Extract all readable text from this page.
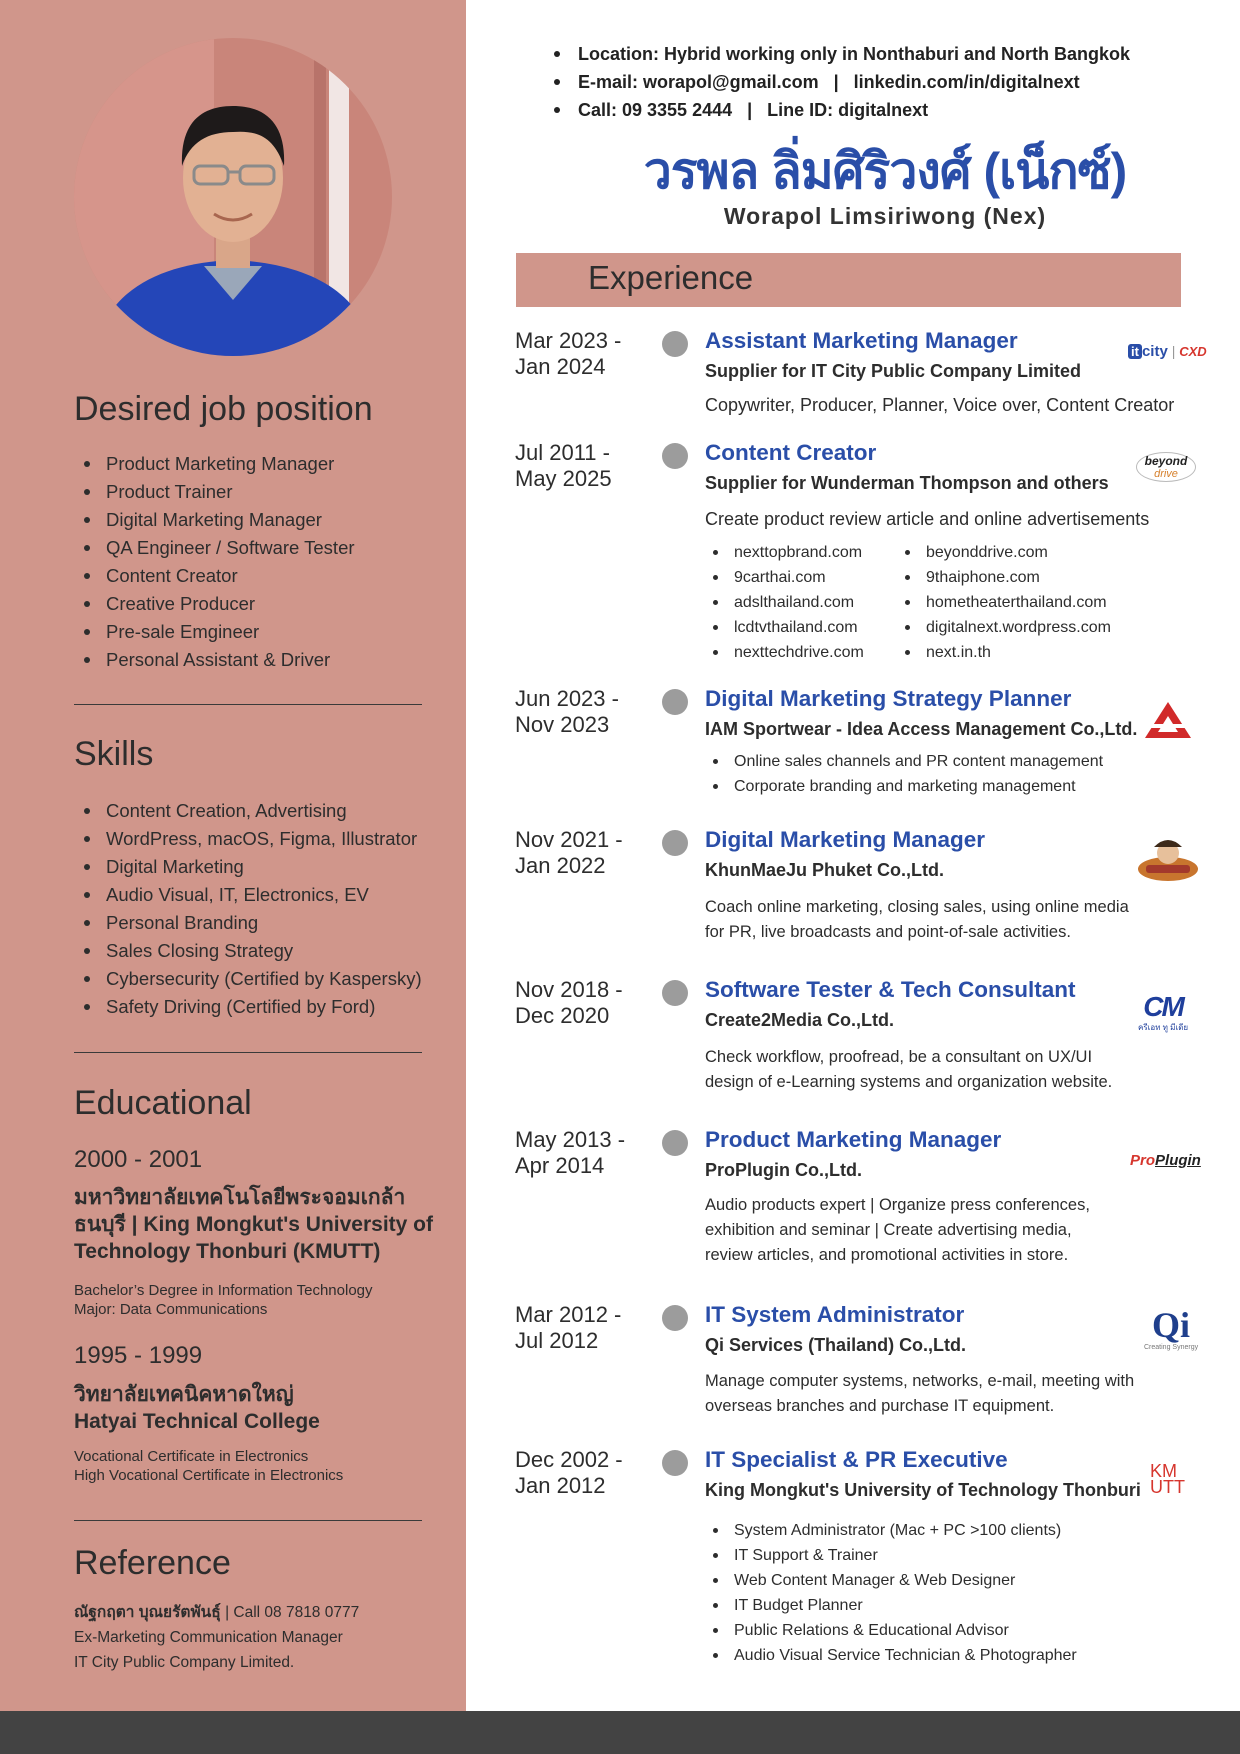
Desired job position
Product Marketing Manager
Product Trainer
Digital Marketing Manager
QA Engineer / Software Tester
Content Creator
Creative Producer
Pre-sale Emgineer
Personal Assistant & Driver
Skills
Content Creation, Advertising
WordPress, macOS, Figma, Illustrator
Digital Marketing
Audio Visual, IT, Electronics, EV
Personal Branding
Sales Closing Strategy
Cybersecurity (Certified by Kaspersky)
Safety Driving (Certified by Ford)
Educational
2000 - 2001
มหาวิทยาลัยเทคโนโลยีพระจอมเกล้าธนบุรี | King Mongkut's University of Technology Thonburi (KMUTT)
Bachelor’s Degree in Information Technology
Major: Data Communications
1995 - 1999
วิทยาลัยเทคนิคหาดใหญ่
Hatyai Technical College
Vocational Certificate in Electronics
High Vocational Certificate in Electronics
Reference
ณัฐกฤตา บุณยรัตพันธุ์ | Call 08 7818 0777
Ex-Marketing Communication Manager
IT City Public Company Limited.
Location: Hybrid working only in Nonthaburi and North Bangkok
E-mail: worapol@gmail.com   |   linkedin.com/in/digitalnext
Call: 09 3355 2444   |   Line ID: digitalnext
วรพล ลิ่มศิริวงศ์ (เน็กซ์)
Worapol Limsiriwong (Nex)
Experience
Mar 2023 -
Jan 2024
Assistant Marketing Manager
Supplier for IT City Public Company Limited
Copywriter, Producer, Planner, Voice over, Content Creator
it city | CXD
Jul 2011 -
May 2025
Content Creator
Supplier for Wunderman Thompson and others
Create product review article and online advertisements
nexttopbrand.com
9carthai.com
adslthailand.com
lcdtvthailand.com
nexttechdrive.com
beyonddrive.com
9thaiphone.com
hometheaterthailand.com
digitalnext.wordpress.com
next.in.th
beyond
drive
Jun 2023 -
Nov 2023
Digital Marketing Strategy Planner
IAM Sportwear - Idea Access Management Co.,Ltd.
Online sales channels and PR content management
Corporate branding and marketing management
Nov 2021 -
Jan 2022
Digital Marketing Manager
KhunMaeJu Phuket Co.,Ltd.
Coach online marketing, closing sales, using online media
for PR, live broadcasts and point-of-sale activities.
Nov 2018 -
Dec 2020
Software Tester & Tech Consultant
Create2Media Co.,Ltd.
Check workflow, proofread, be a consultant on UX/UI
design of e-Learning systems and organization website.
CM
ครีเอท ทู มีเดีย
May 2013 -
Apr 2014
Product Marketing Manager
ProPlugin Co.,Ltd.
Audio products expert | Organize press conferences,
exhibition and seminar | Create advertising media,
review articles, and promotional activities in store.
ProPlugin
Mar 2012 -
Jul 2012
IT System Administrator
Qi Services (Thailand) Co.,Ltd.
Manage computer systems, networks, e-mail, meeting with
overseas branches and purchase IT equipment.
Qi
Creating Synergy
Dec 2002 -
Jan 2012
IT Specialist & PR Executive
King Mongkut's University of Technology Thonburi
System Administrator (Mac + PC >100 clients)
IT Support & Trainer
Web Content Manager & Web Designer
IT Budget Planner
Public Relations & Educational Advisor
Audio Visual Service Technician & Photographer
KM
UTT
